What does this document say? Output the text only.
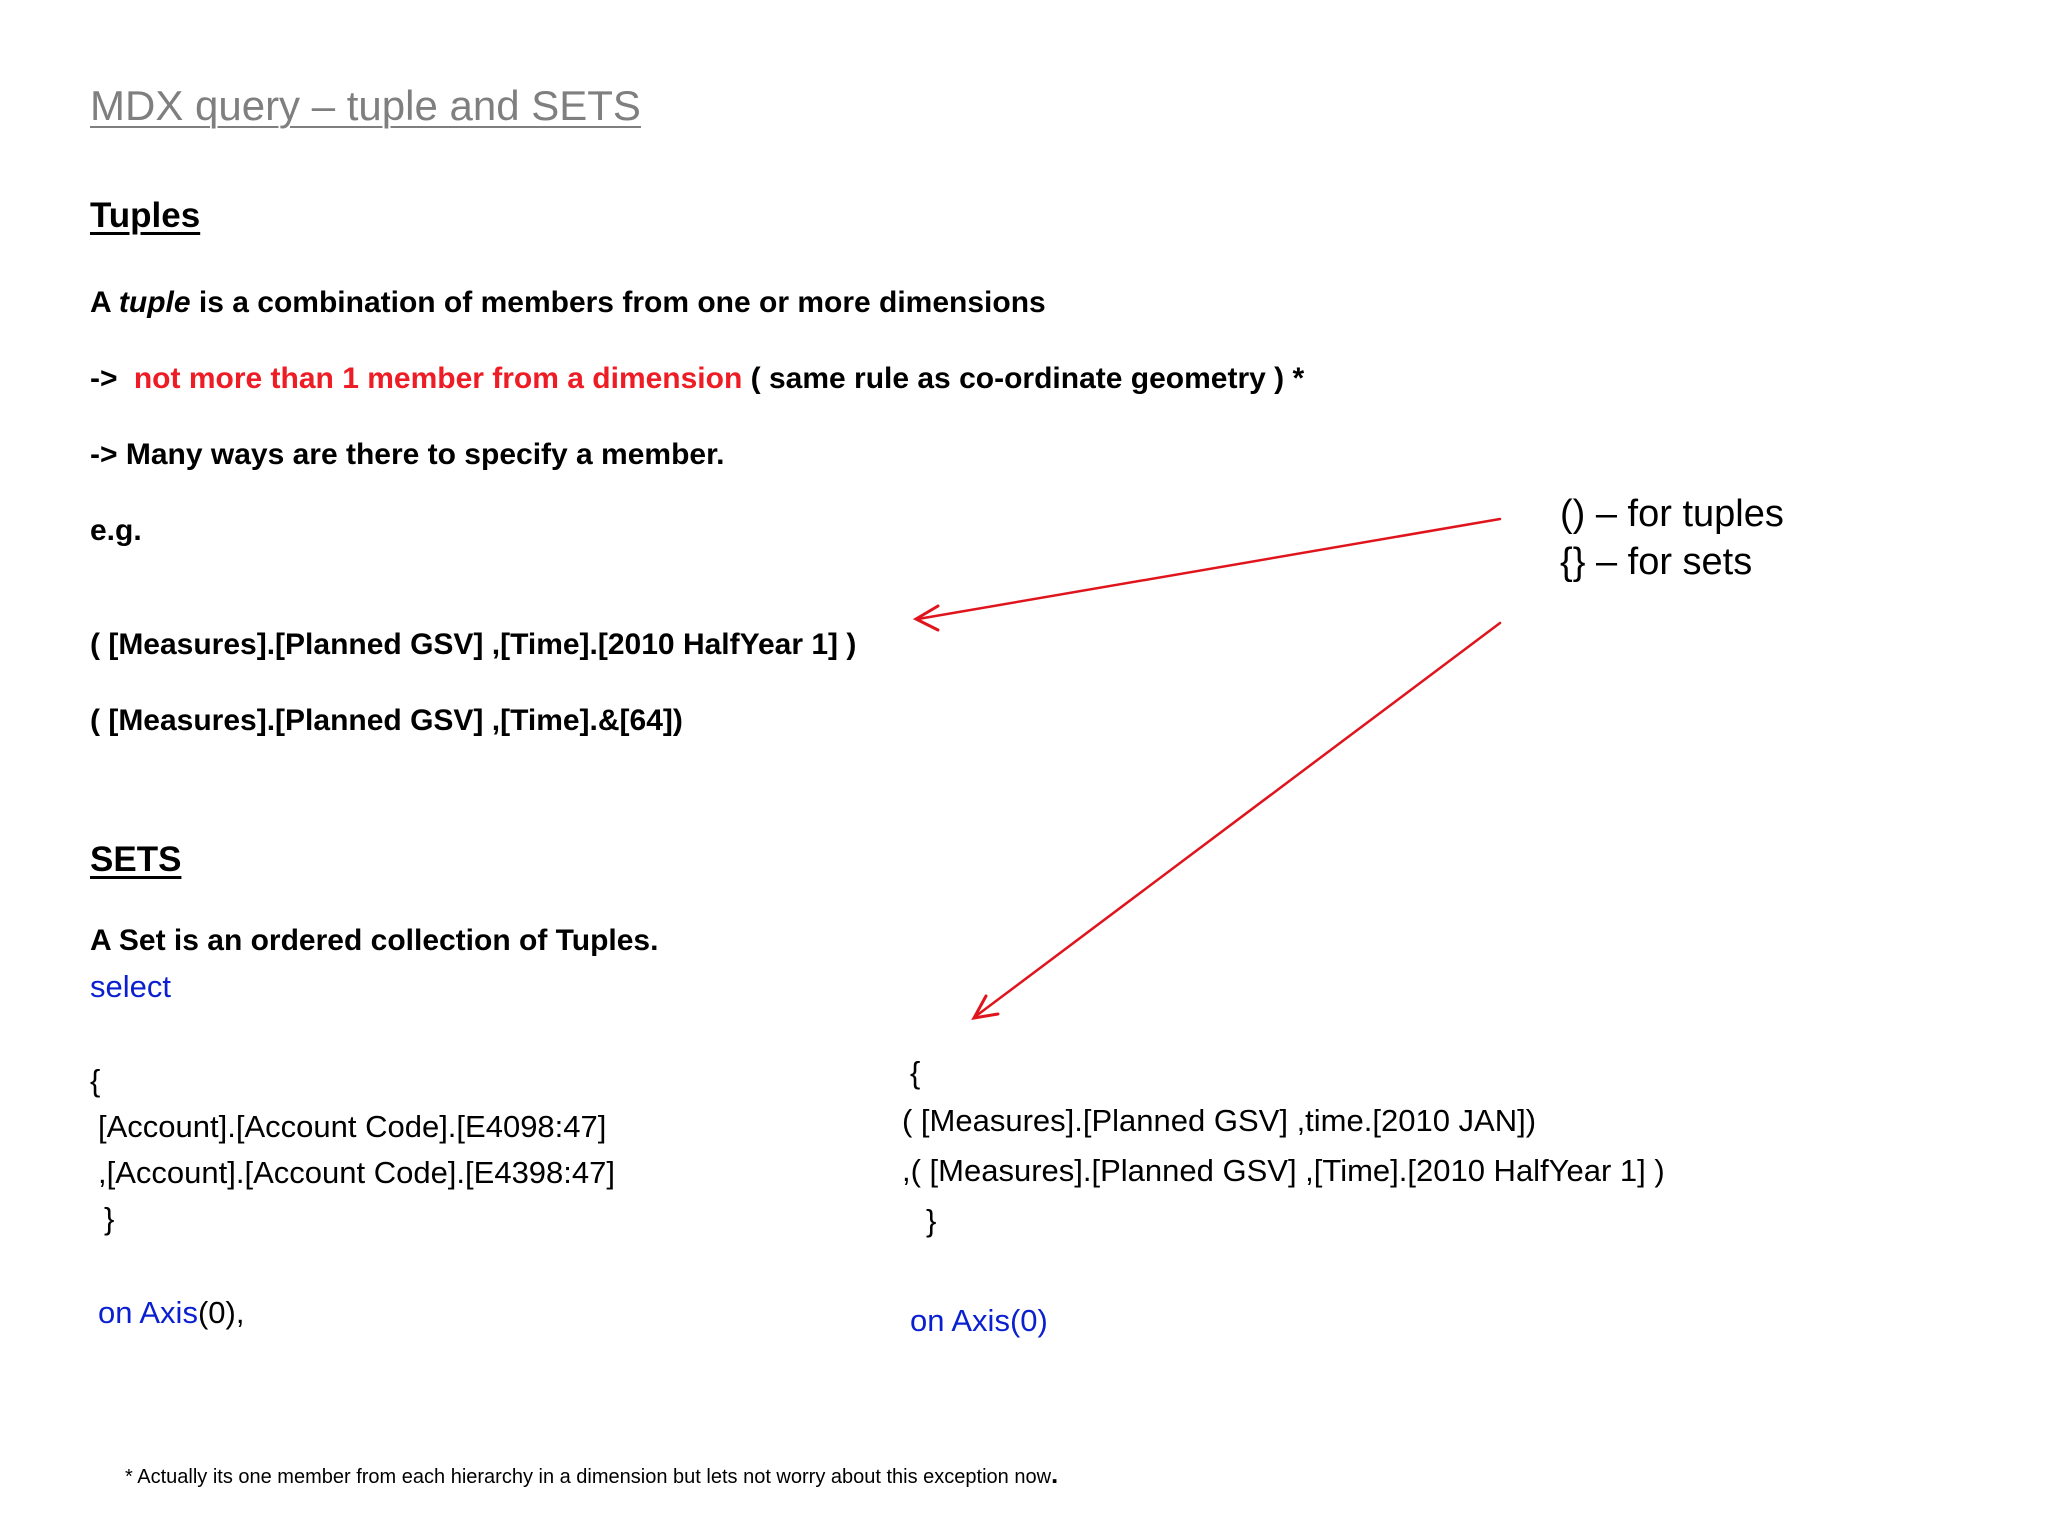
MDX query – tuple and SETS
Tuples
A tuple is a combination of members from one or more dimensions
-> not more than 1 member from a dimension ( same rule as co-ordinate geometry ) *
-> Many ways are there to specify a member.
e.g.
( [Measures].[Planned GSV] ,[Time].[2010 HalfYear 1] )
( [Measures].[Planned GSV] ,[Time].&[64])
SETS
A Set is an ordered collection of Tuples.
select
{
[Account].[Account Code].[E4098:47]
,[Account].[Account Code].[E4398:47]
}
on Axis(0),
{
( [Measures].[Planned GSV] ,time.[2010 JAN])
,( [Measures].[Planned GSV] ,[Time].[2010 HalfYear 1] )
}
on Axis(0)
() – for tuples
{} – for sets
* Actually its one member from each hierarchy in a dimension but lets not worry about this exception now.
